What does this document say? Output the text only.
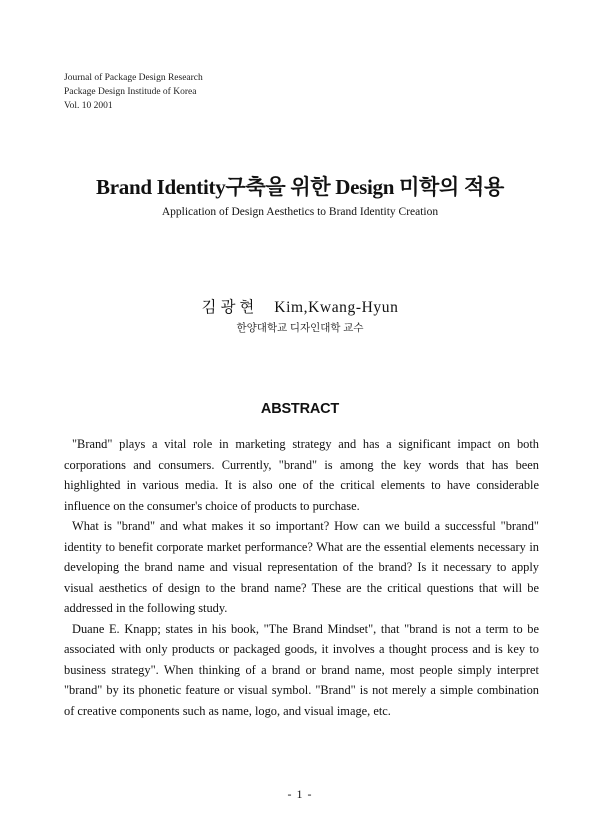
Journal of Package Design Research
Package Design Institude of Korea
Vol. 10 2001
Brand Identity구축을 위한 Design 미학의 적용
Application of Design Aesthetics to Brand Identity Creation
김광현 Kim,Kwang-Hyun
한양대학교 디자인대학 교수
ABSTRACT

"Brand" plays a vital role in marketing strategy and has a significant impact on both corporations and consumers. Currently, "brand" is among the key words that has been highlighted in various media. It is also one of the critical elements to have considerable influence on the consumer's choice of products to purchase.

What is "brand" and what makes it so important? How can we build a successful "brand" identity to benefit corporate market performance? What are the essential elements necessary in developing the brand name and visual representation of the brand? Is it necessary to apply visual aesthetics of design to the brand name? These are the critical questions that will be addressed in the following study.

Duane E. Knapp; states in his book, "The Brand Mindset", that "brand is not a term to be associated with only products or packaged goods, it involves a thought process and is key to business strategy". When thinking of a brand or brand name, most people simply interpret "brand" by its phonetic feature or visual symbol. "Brand" is not merely a simple combination of creative components such as name, logo, and visual image, etc.

- 1 -
